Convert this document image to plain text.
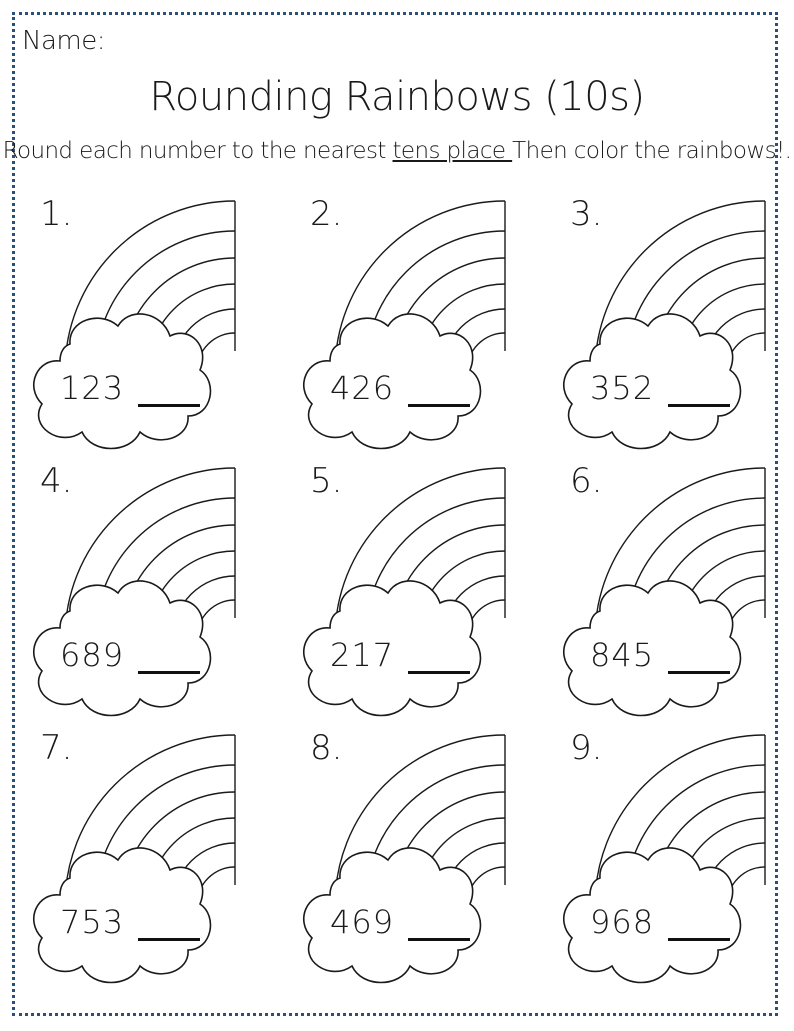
Name:
Rounding Rainbows (10s)
Round each number to the nearest tens place Then color the rainbows!.
1.
123
2.
426
3.
352
4.
689
5.
217
6.
845
7.
753
8.
469
9.
968
